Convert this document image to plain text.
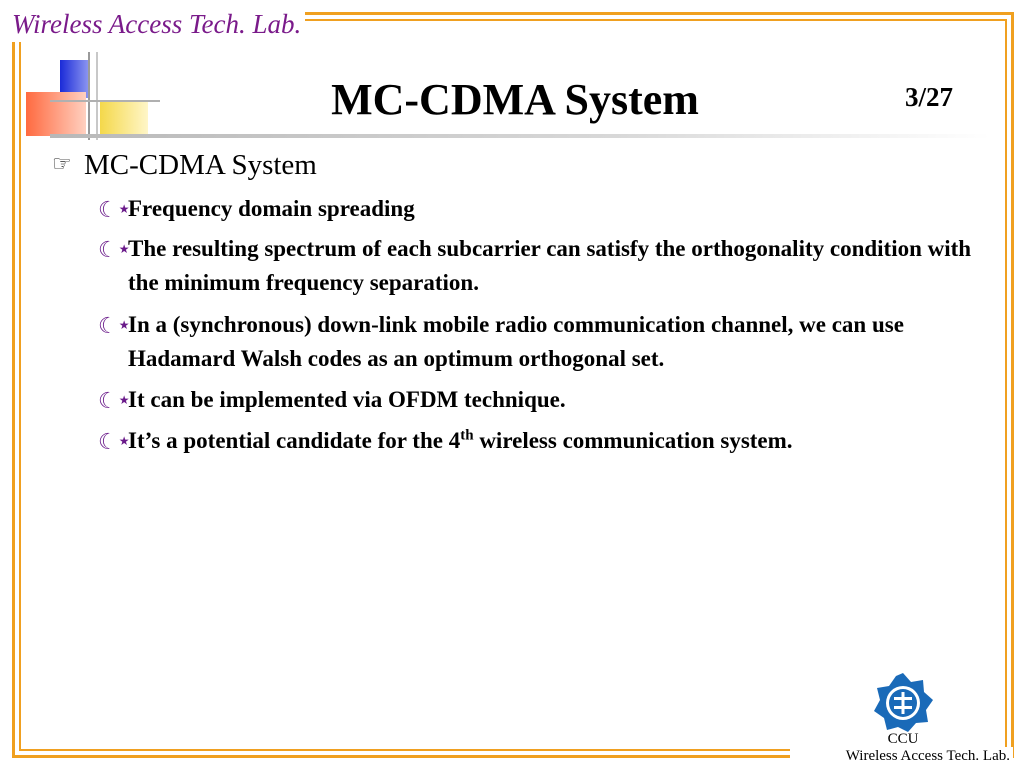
Wireless Access Tech. Lab.
MC-CDMA System	3/27
☞ MC-CDMA System
☾★
Frequency domain spreading
☾★
The resulting spectrum of each subcarrier can satisfy the orthogonality condition with the minimum frequency separation.
☾★
In a (synchronous) down-link mobile radio communication channel, we can use Hadamard Walsh codes as an optimum orthogonal set.
☾★
It can be implemented via OFDM technique.
☾★
It’s a potential candidate for the 4th wireless communication system.
CCU
Wireless Access Tech. Lab.
